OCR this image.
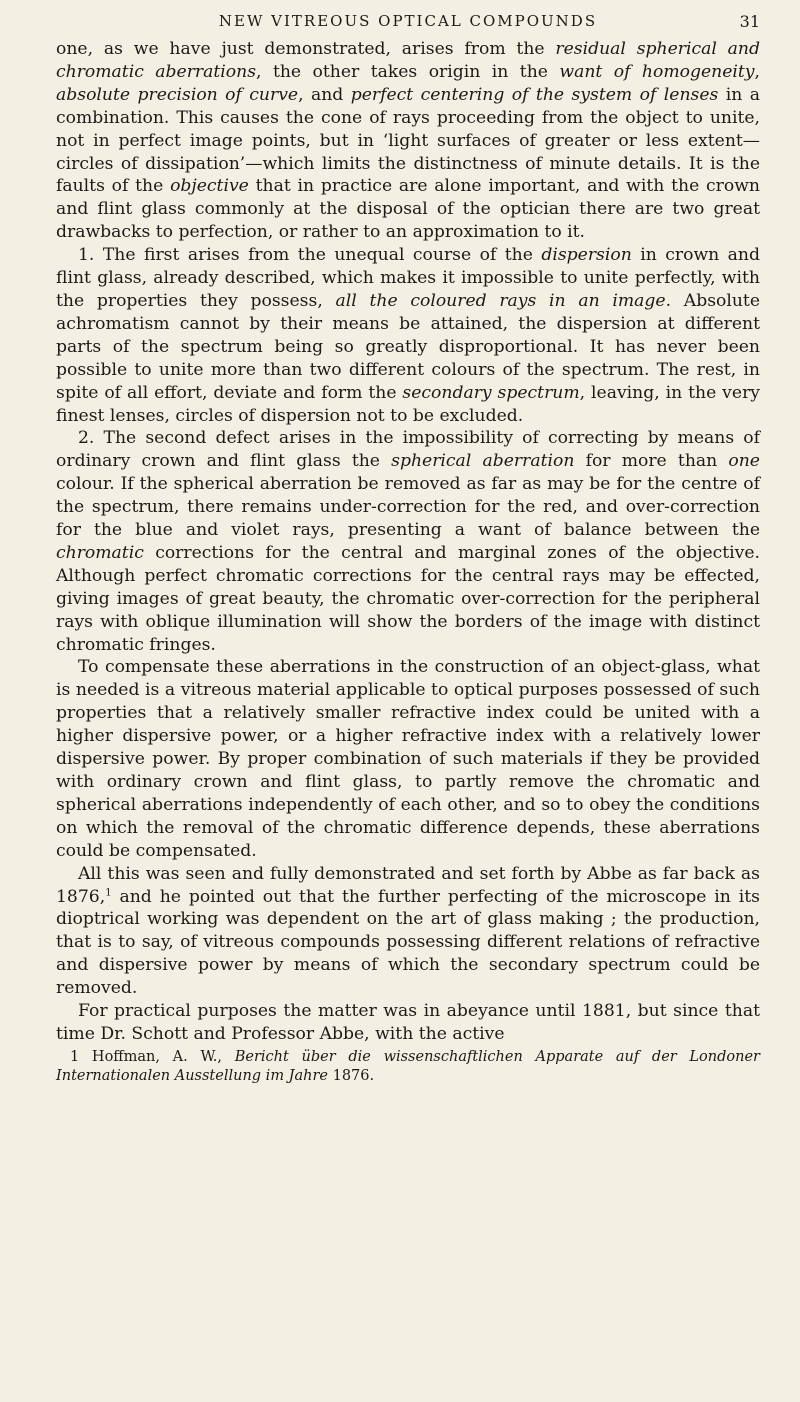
NEW VITREOUS OPTICAL COMPOUNDS	31

one, as we have just demonstrated, arises from the residual spherical and chromatic aberrations, the other takes origin in the want of homogeneity, absolute precision of curve, and perfect centering of the system of lenses in a combination. This causes the cone of rays proceeding from the object to unite, not in perfect image points, but in ‘light surfaces of greater or less extent—circles of dissipation’—which limits the distinctness of minute details. It is the faults of the objective that in practice are alone important, and with the crown and flint glass commonly at the disposal of the optician there are two great drawbacks to perfection, or rather to an approximation to it.

1. The first arises from the unequal course of the dispersion in crown and flint glass, already described, which makes it impossible to unite perfectly, with the properties they possess, all the coloured rays in an image. Absolute achromatism cannot by their means be attained, the dispersion at different parts of the spectrum being so greatly disproportional. It has never been possible to unite more than two different colours of the spectrum. The rest, in spite of all effort, deviate and form the secondary spectrum, leaving, in the very finest lenses, circles of dispersion not to be excluded.

2. The second defect arises in the impossibility of correcting by means of ordinary crown and flint glass the spherical aberration for more than one colour. If the spherical aberration be removed as far as may be for the centre of the spectrum, there remains under-correction for the red, and over-correction for the blue and violet rays, presenting a want of balance between the chromatic corrections for the central and marginal zones of the objective. Although perfect chromatic corrections for the central rays may be effected, giving images of great beauty, the chromatic over-correction for the peripheral rays with oblique illumination will show the borders of the image with distinct chromatic fringes.

To compensate these aberrations in the construction of an object-glass, what is needed is a vitreous material applicable to optical purposes possessed of such properties that a relatively smaller refractive index could be united with a higher dispersive power, or a higher refractive index with a relatively lower dispersive power. By proper combination of such materials if they be provided with ordinary crown and flint glass, to partly remove the chromatic and spherical aberrations independently of each other, and so to obey the conditions on which the removal of the chromatic difference depends, these aberrations could be compensated.

All this was seen and fully demonstrated and set forth by Abbe as far back as 1876,$^1$ and he pointed out that the further perfecting of the microscope in its dioptrical working was dependent on the art of glass making ; the production, that is to say, of vitreous compounds possessing different relations of refractive and dispersive power by means of which the secondary spectrum could be removed.

For practical purposes the matter was in abeyance until 1881, but since that time Dr. Schott and Professor Abbe, with the active

1 Hoffman, A. W., Bericht über die wissenschaftlichen Apparate auf der Londoner Internationalen Ausstellung im Jahre 1876.
